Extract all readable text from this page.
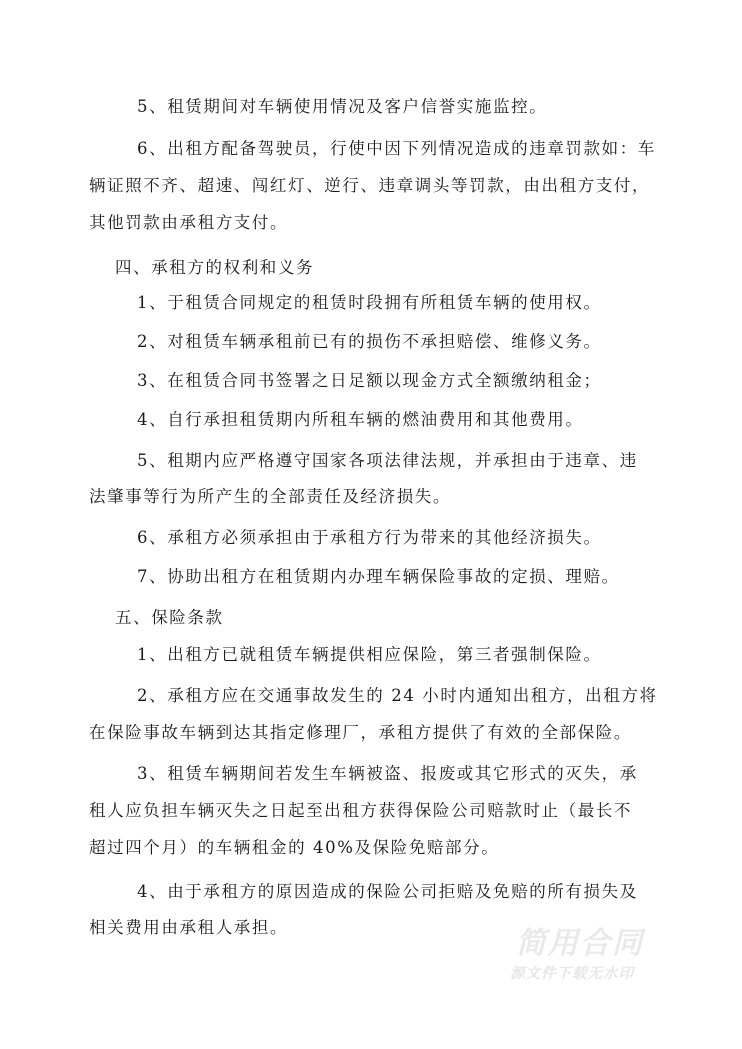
5、租赁期间对车辆使用情况及客户信誉实施监控。
6、出租方配备驾驶员，行使中因下列情况造成的违章罚款如：车
辆证照不齐、超速、闯红灯、逆行、违章调头等罚款，由出租方支付，
其他罚款由承租方支付。
四、承租方的权利和义务
1、于租赁合同规定的租赁时段拥有所租赁车辆的使用权。
2、对租赁车辆承租前已有的损伤不承担赔偿、维修义务。
3、在租赁合同书签署之日足额以现金方式全额缴纳租金；
4、自行承担租赁期内所租车辆的燃油费用和其他费用。
5、租期内应严格遵守国家各项法律法规，并承担由于违章、违
法肇事等行为所产生的全部责任及经济损失。
6、承租方必须承担由于承租方行为带来的其他经济损失。
7、协助出租方在租赁期内办理车辆保险事故的定损、理赔。
五、保险条款
1、出租方已就租赁车辆提供相应保险，第三者强制保险。
2、承租方应在交通事故发生的 24 小时内通知出租方，出租方将
在保险事故车辆到达其指定修理厂，承租方提供了有效的全部保险。
3、租赁车辆期间若发生车辆被盗、报废或其它形式的灭失，承
租人应负担车辆灭失之日起至出租方获得保险公司赔款时止（最长不
超过四个月）的车辆租金的 40%及保险免赔部分。
4、由于承租方的原因造成的保险公司拒赔及免赔的所有损失及
相关费用由承租人承担。	简用合同
源文件下载无水印
